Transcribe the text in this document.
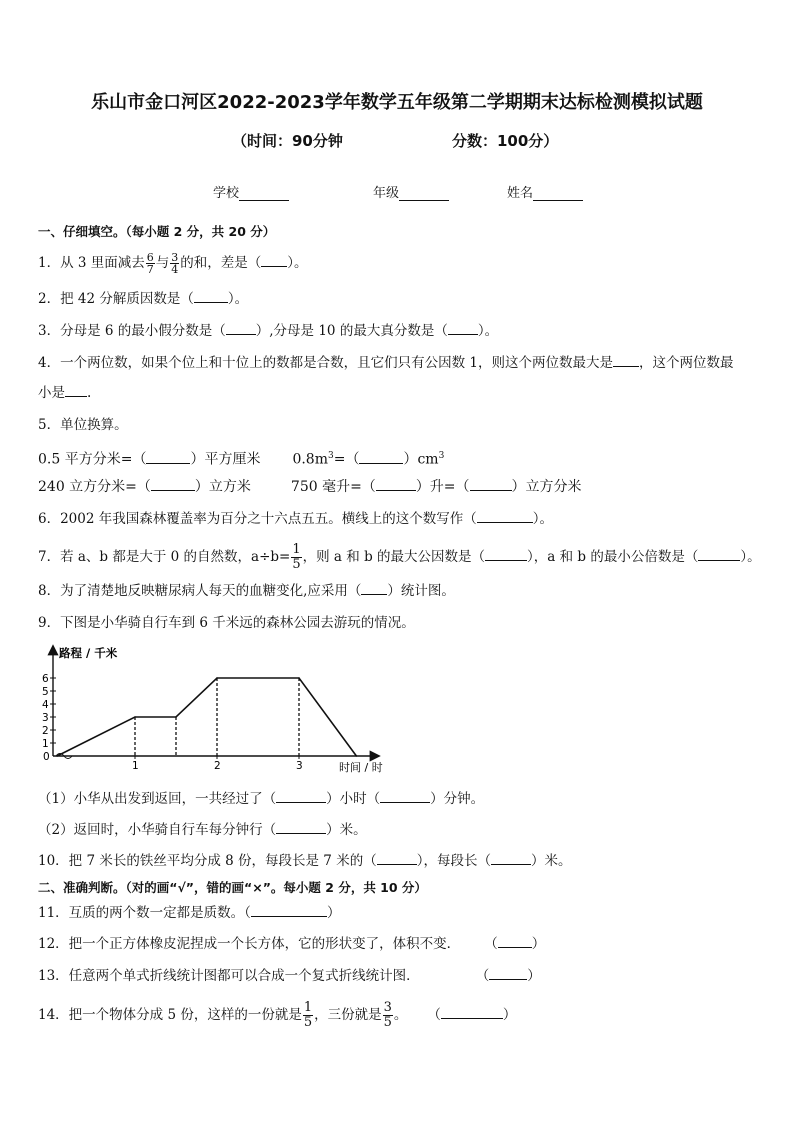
乐山市金口河区2022-2023学年数学五年级第二学期期末达标检测模拟试题
（时间：90分钟	分数：100分）
学校	年级	姓名
一、仔细填空。（每小题 2 分，共 20 分）
1．从 3 里面减去 $\frac{6}{7}$ 与 $\frac{3}{4}$ 的和，差是（ ）。
2．把 42 分解质因数是（	）。
3．分母是 6 的最小假分数是（ ）,分母是 10 的最大真分数是（ ）。
4．一个两位数，如果个位上和十位上的数都是合数，且它们只有公因数 1，则这个两位数最大是 ，这个两位数最
小是 .
5．单位换算。
0.5 平方分米=（	）平方厘米 $0.8m^3=$（	）$cm^3$
240 立方分米=（	）立方米	750 毫升=（	）升=（	）立方分米
6．2002 年我国森林覆盖率为百分之十六点五五。横线上的这个数写作（	）。
7．若 a、b 都是大于 0 的自然数，$a\div b= \frac{1}{5}$ ，则 a 和 b 的最大公因数是（	），a 和 b 的最小公倍数是（	）。
8．为了清楚地反映糖尿病人每天的血糖变化,应采用（ ）统计图。
9．下图是小华骑自行车到 6 千米远的森林公园去游玩的情况。
路程 / 千米
时间 / 时
0
1
2
3
4
5
6
1	2	3
（1）小华从出发到返回，一共经过了（	）小时（	）分钟。
（2）返回时，小华骑自行车每分钟行（	）米。
10．把 7 米长的铁丝平均分成 8 份，每段长是 7 米的（	），每段长（	）米。
二、准确判断。（对的画“√”，错的画“×”。每小题 2 分，共 10 分）
11．互质的两个数一定都是质数。（	）
12．把一个正方体橡皮泥捏成一个长方体，它的形状变了，体积不变． （	）
13．任意两个单式折线统计图都可以合成一个复式折线统计图．	（	）
14．把一个物体分成 5 份，这样的一份就是 $\frac{1}{5}$ ，三份就是 $\frac{3}{5}$ 。 （	）
